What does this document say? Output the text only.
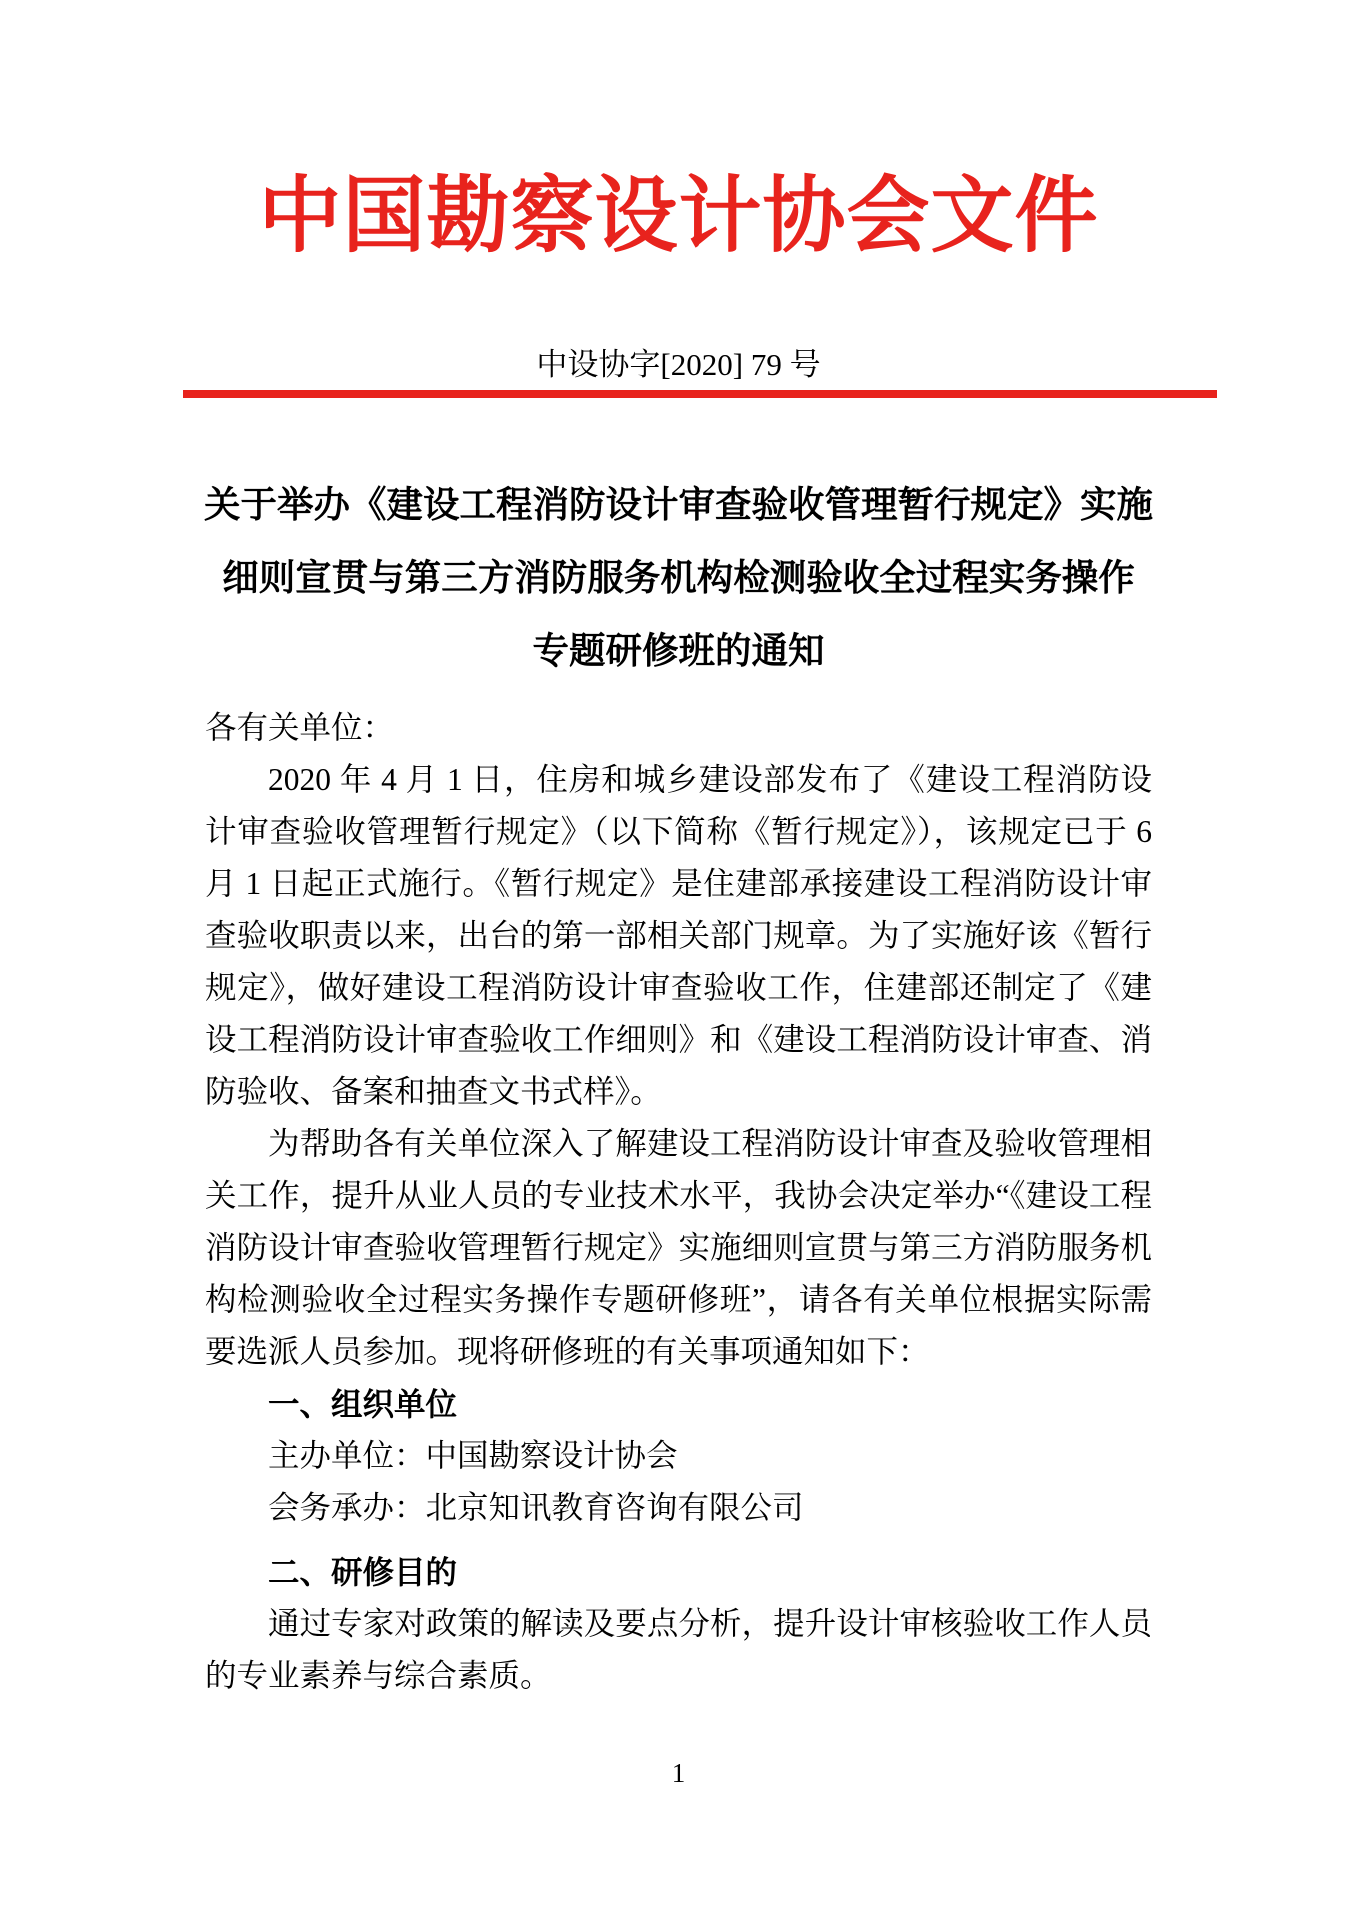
中国勘察设计协会文件
中设协字[2020] 79 号
关于举办《建设工程消防设计审查验收管理暂行规定》实施
细则宣贯与第三方消防服务机构检测验收全过程实务操作
专题研修班的通知

各有关单位：

2020 年 4 月 1 日，住房和城乡建设部发布了《建设工程消防设计审查验收管理暂行规定》（以下简称《暂行规定》），该规定已于 6 月 1 日起正式施行。《暂行规定》是住建部承接建设工程消防设计审查验收职责以来，出台的第一部相关部门规章。为了实施好该《暂行规定》，做好建设工程消防设计审查验收工作，住建部还制定了《建设工程消防设计审查验收工作细则》和《建设工程消防设计审查、消防验收、备案和抽查文书式样》。

为帮助各有关单位深入了解建设工程消防设计审查及验收管理相关工作，提升从业人员的专业技术水平，我协会决定举办“《建设工程消防设计审查验收管理暂行规定》实施细则宣贯与第三方消防服务机构检测验收全过程实务操作专题研修班”，请各有关单位根据实际需要选派人员参加。现将研修班的有关事项通知如下：

一、组织单位

主办单位：中国勘察设计协会

会务承办：北京知讯教育咨询有限公司

二、研修目的

通过专家对政策的解读及要点分析，提升设计审核验收工作人员的专业素养与综合素质。

1
